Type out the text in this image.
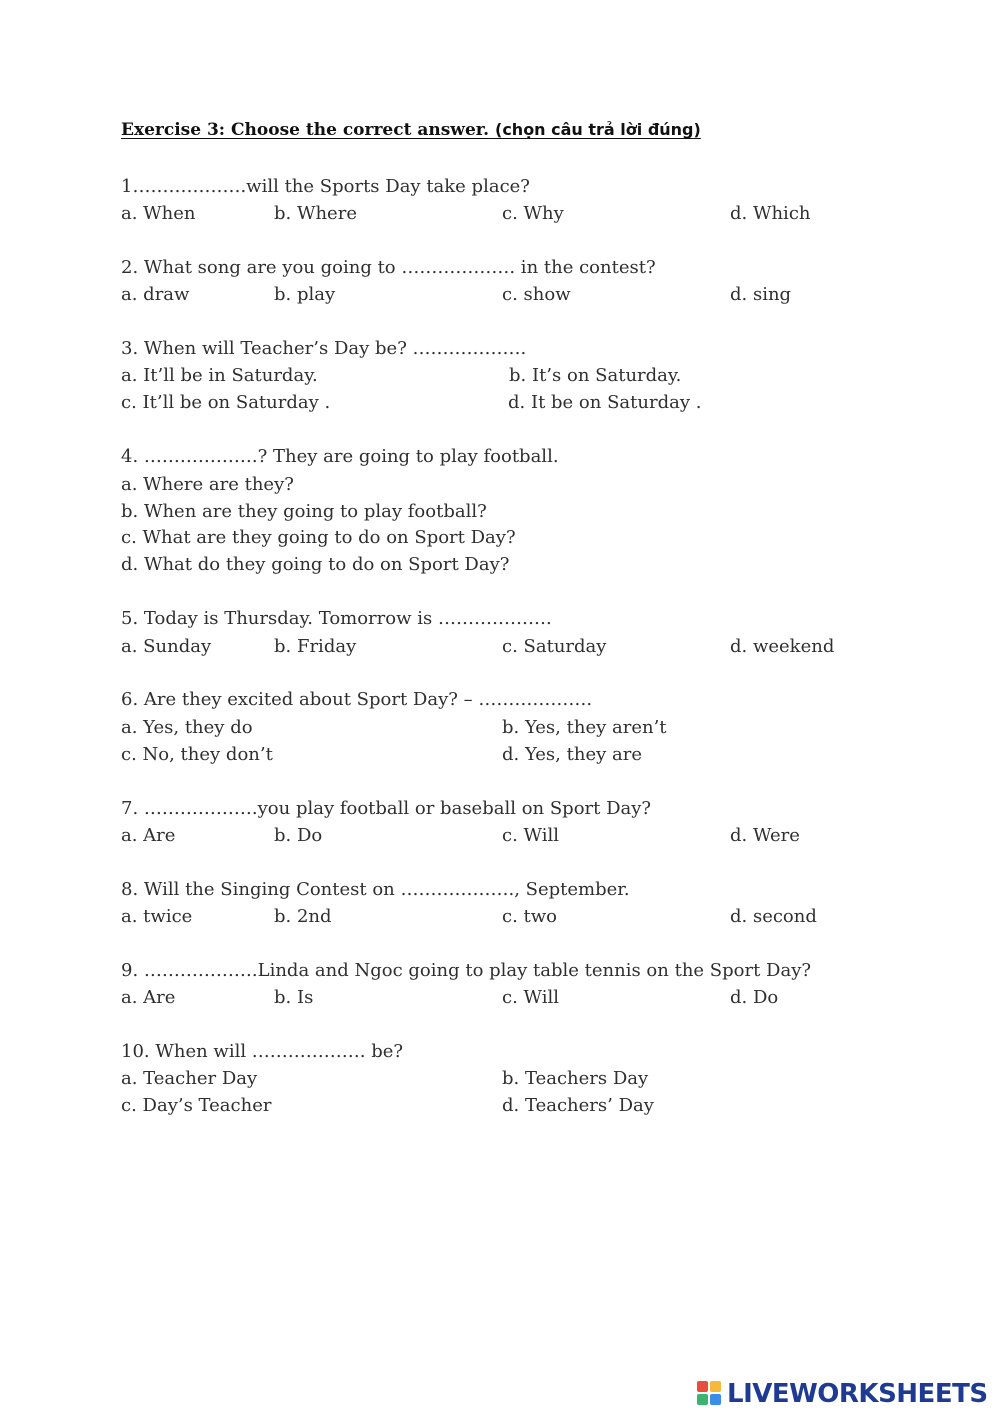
Exercise 3: Choose the correct answer. (chọn câu trả lời đúng)
1……………….will the Sports Day take place?
a. When	b. Where	c. Why	d. Which
2. What song are you going to ………………. in the contest?
a. draw	b. play	c. show	d. sing
3. When will Teacher’s Day be? ……………….
a. It’ll be in Saturday.	b. It’s on Saturday.
c. It’ll be on Saturday .	d. It be on Saturday .
4. ……………….? They are going to play football.
a. Where are they?
b. When are they going to play football?
c. What are they going to do on Sport Day?
d. What do they going to do on Sport Day?
5. Today is Thursday. Tomorrow is ……………….
a. Sunday	b. Friday	c. Saturday	d. weekend
6. Are they excited about Sport Day? – ……………….
a. Yes, they do	b. Yes, they aren’t
c. No, they don’t	d. Yes, they are
7. ……………….you play football or baseball on Sport Day?
a. Are	b. Do	c. Will	d. Were
8. Will the Singing Contest on ………………., September.
a. twice	b. 2nd	c. two	d. second
9. ……………….Linda and Ngoc going to play table tennis on the Sport Day?
a. Are	b. Is	c. Will	d. Do
10. When will ………………. be?
a. Teacher Day	b. Teachers Day
c. Day’s Teacher	d. Teachers’ Day
LIVEWORKSHEETS
